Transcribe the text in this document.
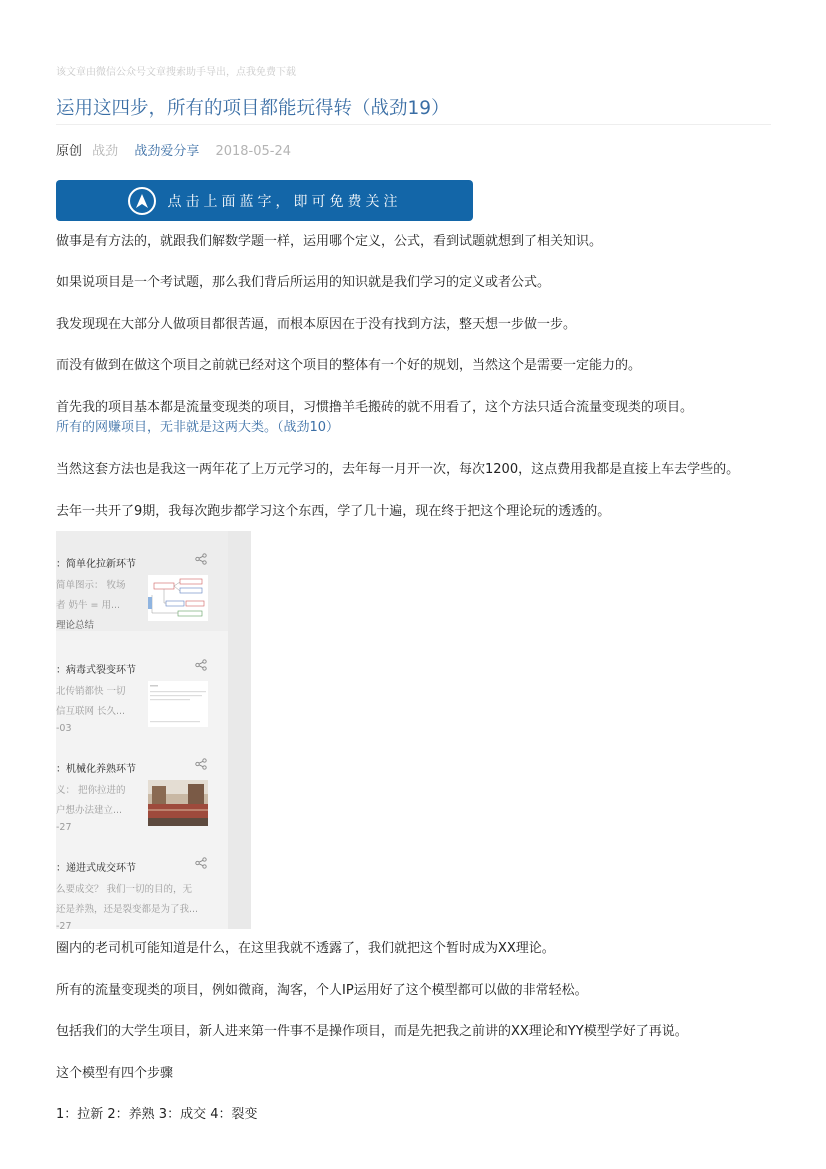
该文章由微信公众号文章搜索助手导出，点我免费下载
运用这四步，所有的项目都能玩得转（战劲19）
原创 战劲 战劲爱分享 2018-05-24
点击上面蓝字，即可免费关注

做事是有方法的，就跟我们解数学题一样，运用哪个定义，公式，看到试题就想到了相关知识。

如果说项目是一个考试题，那么我们背后所运用的知识就是我们学习的定义或者公式。

我发现现在大部分人做项目都很苦逼，而根本原因在于没有找到方法，整天想一步做一步。

而没有做到在做这个项目之前就已经对这个项目的整体有一个好的规划，当然这个是需要一定能力的。

首先我的项目基本都是流量变现类的项目，习惯撸羊毛搬砖的就不用看了，这个方法只适合流量变现类的项目。

所有的网赚项目，无非就是这两大类。（战劲10）

当然这套方法也是我这一两年花了上万元学习的，去年每一月开一次，每次1200，这点费用我都是直接上车去学些的。

去年一共开了9期，我每次跑步都学习这个东西，学了几十遍，现在终于把这个理论玩的透透的。

：简单化拉新环节
简单图示： 牧场
者 奶牛 = 用...
理论总结
：病毒式裂变环节
北传销都快 一切
信互联网 长久...
-03
：机械化养熟环节
义： 把你拉进的
户想办法建立...
-27
：递进式成交环节
么要成交？ 我们一切的目的，无
还是养熟，还是裂变都是为了我...
-27

圈内的老司机可能知道是什么，在这里我就不透露了，我们就把这个暂时成为XX理论。

所有的流量变现类的项目，例如微商，淘客，个人IP运用好了这个模型都可以做的非常轻松。

包括我们的大学生项目，新人进来第一件事不是操作项目，而是先把我之前讲的XX理论和YY模型学好了再说。

这个模型有四个步骤

1：拉新 2：养熟 3：成交 4：裂变
